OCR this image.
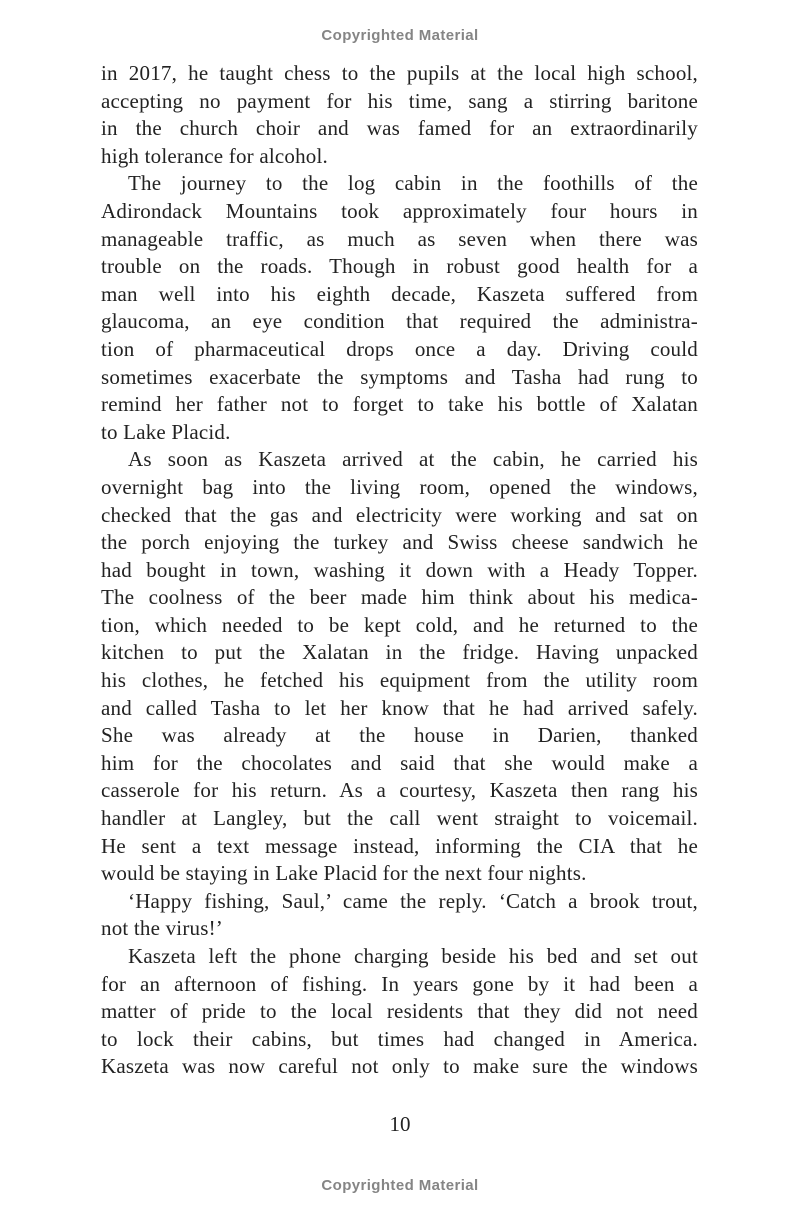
Copyrighted Material
in 2017, he taught chess to the pupils at the local high school,
accepting no payment for his time, sang a stirring baritone
in the church choir and was famed for an extraordinarily
high tolerance for alcohol.
The journey to the log cabin in the foothills of the
Adirondack Mountains took approximately four hours in
manageable traffic, as much as seven when there was
trouble on the roads. Though in robust good health for a
man well into his eighth decade, Kaszeta suffered from
glaucoma, an eye condition that required the administra-
tion of pharmaceutical drops once a day. Driving could
sometimes exacerbate the symptoms and Tasha had rung to
remind her father not to forget to take his bottle of Xalatan
to Lake Placid.
As soon as Kaszeta arrived at the cabin, he carried his
overnight bag into the living room, opened the windows,
checked that the gas and electricity were working and sat on
the porch enjoying the turkey and Swiss cheese sandwich he
had bought in town, washing it down with a Heady Topper.
The coolness of the beer made him think about his medica-
tion, which needed to be kept cold, and he returned to the
kitchen to put the Xalatan in the fridge. Having unpacked
his clothes, he fetched his equipment from the utility room
and called Tasha to let her know that he had arrived safely.
She was already at the house in Darien, thanked
him for the chocolates and said that she would make a
casserole for his return. As a courtesy, Kaszeta then rang his
handler at Langley, but the call went straight to voicemail.
He sent a text message instead, informing the CIA that he
would be staying in Lake Placid for the next four nights.
‘Happy fishing, Saul,’ came the reply. ‘Catch a brook trout,
not the virus!’
Kaszeta left the phone charging beside his bed and set out
for an afternoon of fishing. In years gone by it had been a
matter of pride to the local residents that they did not need
to lock their cabins, but times had changed in America.
Kaszeta was now careful not only to make sure the windows
10
Copyrighted Material
